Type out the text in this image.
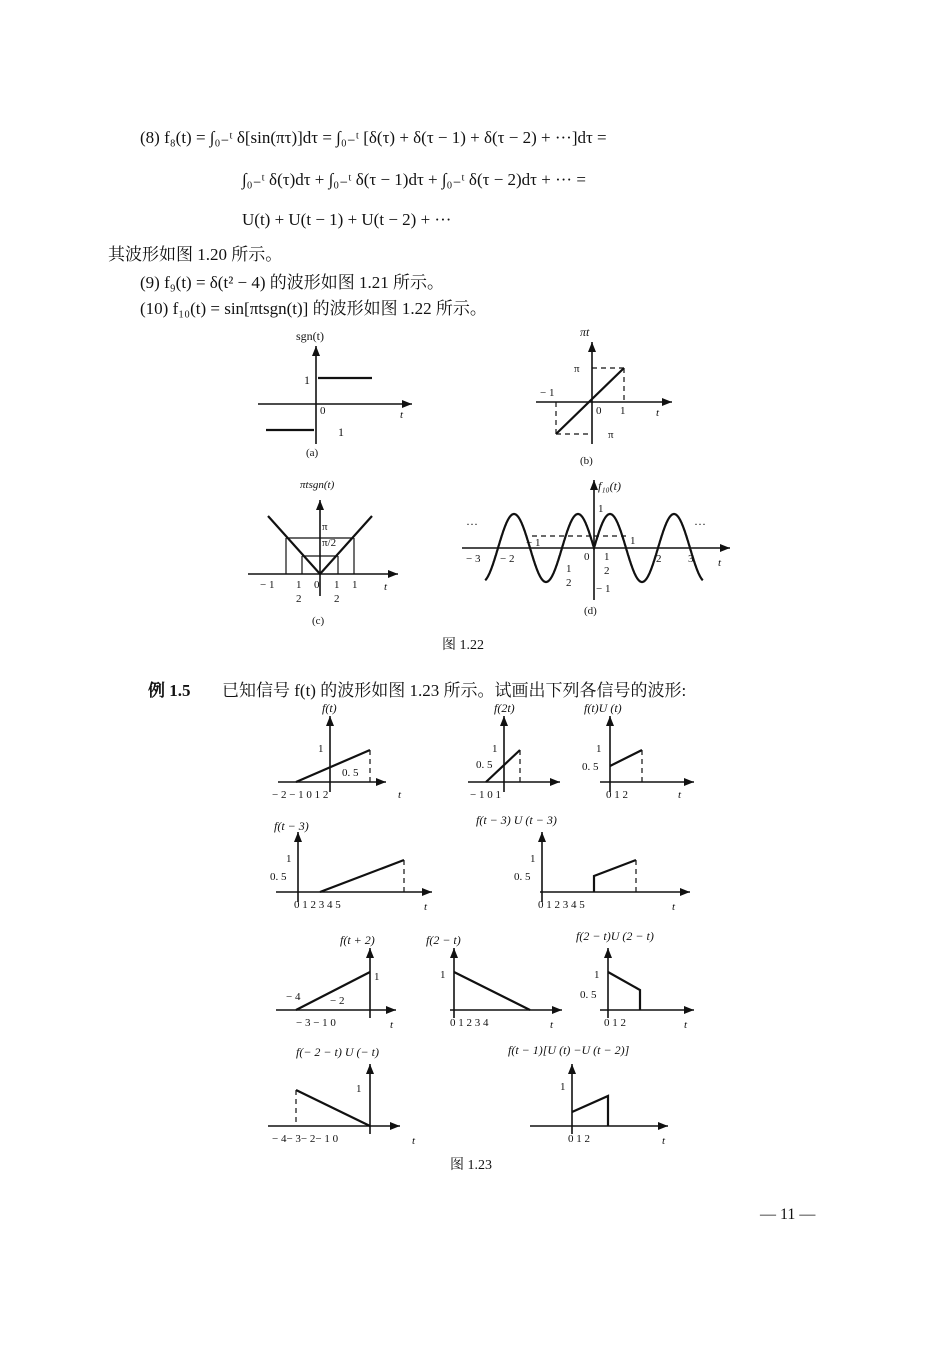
(8) f₈(t) = ∫₀₋ᵗ δ[sin(πτ)]dτ = ∫₀₋ᵗ [δ(τ) + δ(τ − 1) + δ(τ − 2) + ···]dτ =
∫₀₋ᵗ δ(τ)dτ + ∫₀₋ᵗ δ(τ − 1)dτ + ∫₀₋ᵗ δ(τ − 2)dτ + ··· =
U(t) + U(t − 1) + U(t − 2) + ···
其波形如图 1.20 所示。
(9) f₉(t) = δ(t² − 4) 的波形如图 1.21 所示。
(10) f₁₀(t) = sin[πtsgn(t)] 的波形如图 1.22 所示。
sgn(t)
1
1
0	t
(a)
πt
π
π
− 1
0 1	t
(b)
πtsgn(t)
π
π/2
− 1 1
2
0 1
2
1 t
(c)
f₁₀(t)
1
− 1
− 3 − 2
− 1
0 1
2
1
2
1
2 3
···	···
t
(d)
f(t)
1
0. 5
− 2 − 1 0 1 2	t
f(2t)
1
0. 5
− 1 0 1
f(t)U (t)
1
0. 5
0 1 2	t
f(t − 3)
1
0. 5
0 1 2 3 4 5	t
f(t − 3) U (t − 3)
1
0. 5
0 1 2 3 4 5	t
f(t + 2)
1
− 4	− 2
− 3 − 1 0	t
f(2 − t)
1
0 1 2 3 4	t
f(2 − t)U (2 − t)
1
0. 5
0 1 2	t
f(− 2 − t) U (− t)
1
− 4− 3− 2− 1 0	t
f(t − 1)[U (t) −U (t − 2)]
1
0 1 2	t
图 1.22
例 1.5 已知信号 f(t) 的波形如图 1.23 所示。试画出下列各信号的波形:
图 1.23
— 11 —
